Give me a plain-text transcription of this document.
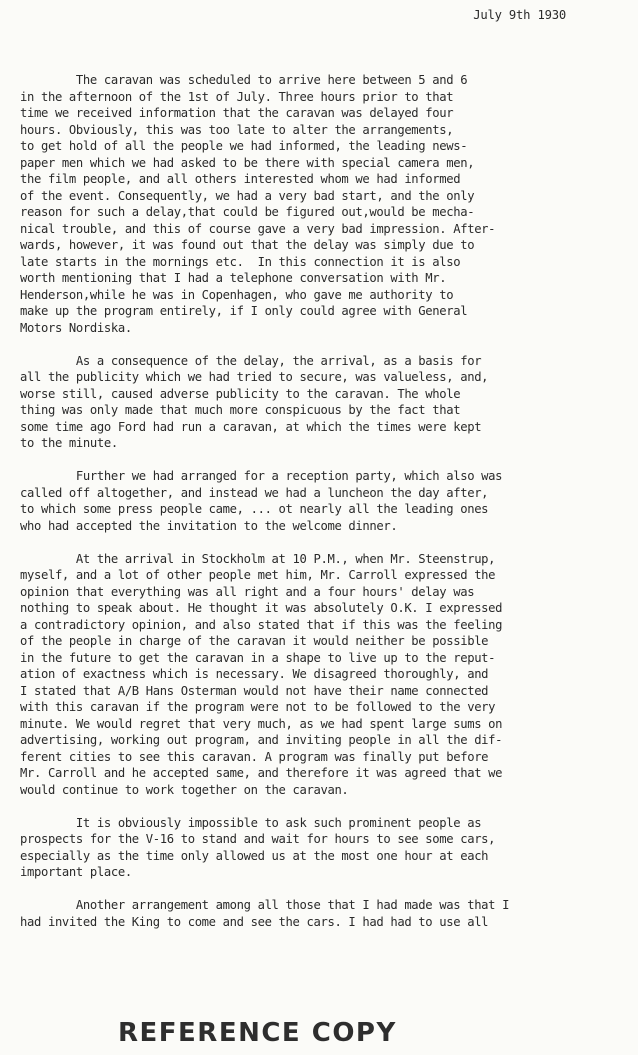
July 9th 1930
The caravan was scheduled to arrive here between 5 and 6
in the afternoon of the 1st of July. Three hours prior to that
time we received information that the caravan was delayed four
hours. Obviously, this was too late to alter the arrangements,
to get hold of all the people we had informed, the leading news-
paper men which we had asked to be there with special camera men,
the film people, and all others interested whom we had informed
of the event. Consequently, we had a very bad start, and the only
reason for such a delay,that could be figured out,would be mecha-
nical trouble, and this of course gave a very bad impression. After-
wards, however, it was found out that the delay was simply due to
late starts in the mornings etc.  In this connection it is also
worth mentioning that I had a telephone conversation with Mr.
Henderson,while he was in Copenhagen, who gave me authority to
make up the program entirely, if I only could agree with General
Motors Nordiska.
As a consequence of the delay, the arrival, as a basis for
all the publicity which we had tried to secure, was valueless, and,
worse still, caused adverse publicity to the caravan. The whole
thing was only made that much more conspicuous by the fact that
some time ago Ford had run a caravan, at which the times were kept
to the minute.
Further we had arranged for a reception party, which also was
called off altogether, and instead we had a luncheon the day after,
to which some press people came, ... ot nearly all the leading ones
who had accepted the invitation to the welcome dinner.
At the arrival in Stockholm at 10 P.M., when Mr. Steenstrup,
myself, and a lot of other people met him, Mr. Carroll expressed the
opinion that everything was all right and a four hours' delay was
nothing to speak about. He thought it was absolutely O.K. I expressed
a contradictory opinion, and also stated that if this was the feeling
of the people in charge of the caravan it would neither be possible
in the future to get the caravan in a shape to live up to the reput-
ation of exactness which is necessary. We disagreed thoroughly, and
I stated that A/B Hans Osterman would not have their name connected
with this caravan if the program were not to be followed to the very
minute. We would regret that very much, as we had spent large sums on
advertising, working out program, and inviting people in all the dif-
ferent cities to see this caravan. A program was finally put before
Mr. Carroll and he accepted same, and therefore it was agreed that we
would continue to work together on the caravan.
It is obviously impossible to ask such prominent people as
prospects for the V-16 to stand and wait for hours to see some cars,
especially as the time only allowed us at the most one hour at each
important place.
Another arrangement among all those that I had made was that I
had invited the King to come and see the cars. I had had to use all
REFERENCE COPY
